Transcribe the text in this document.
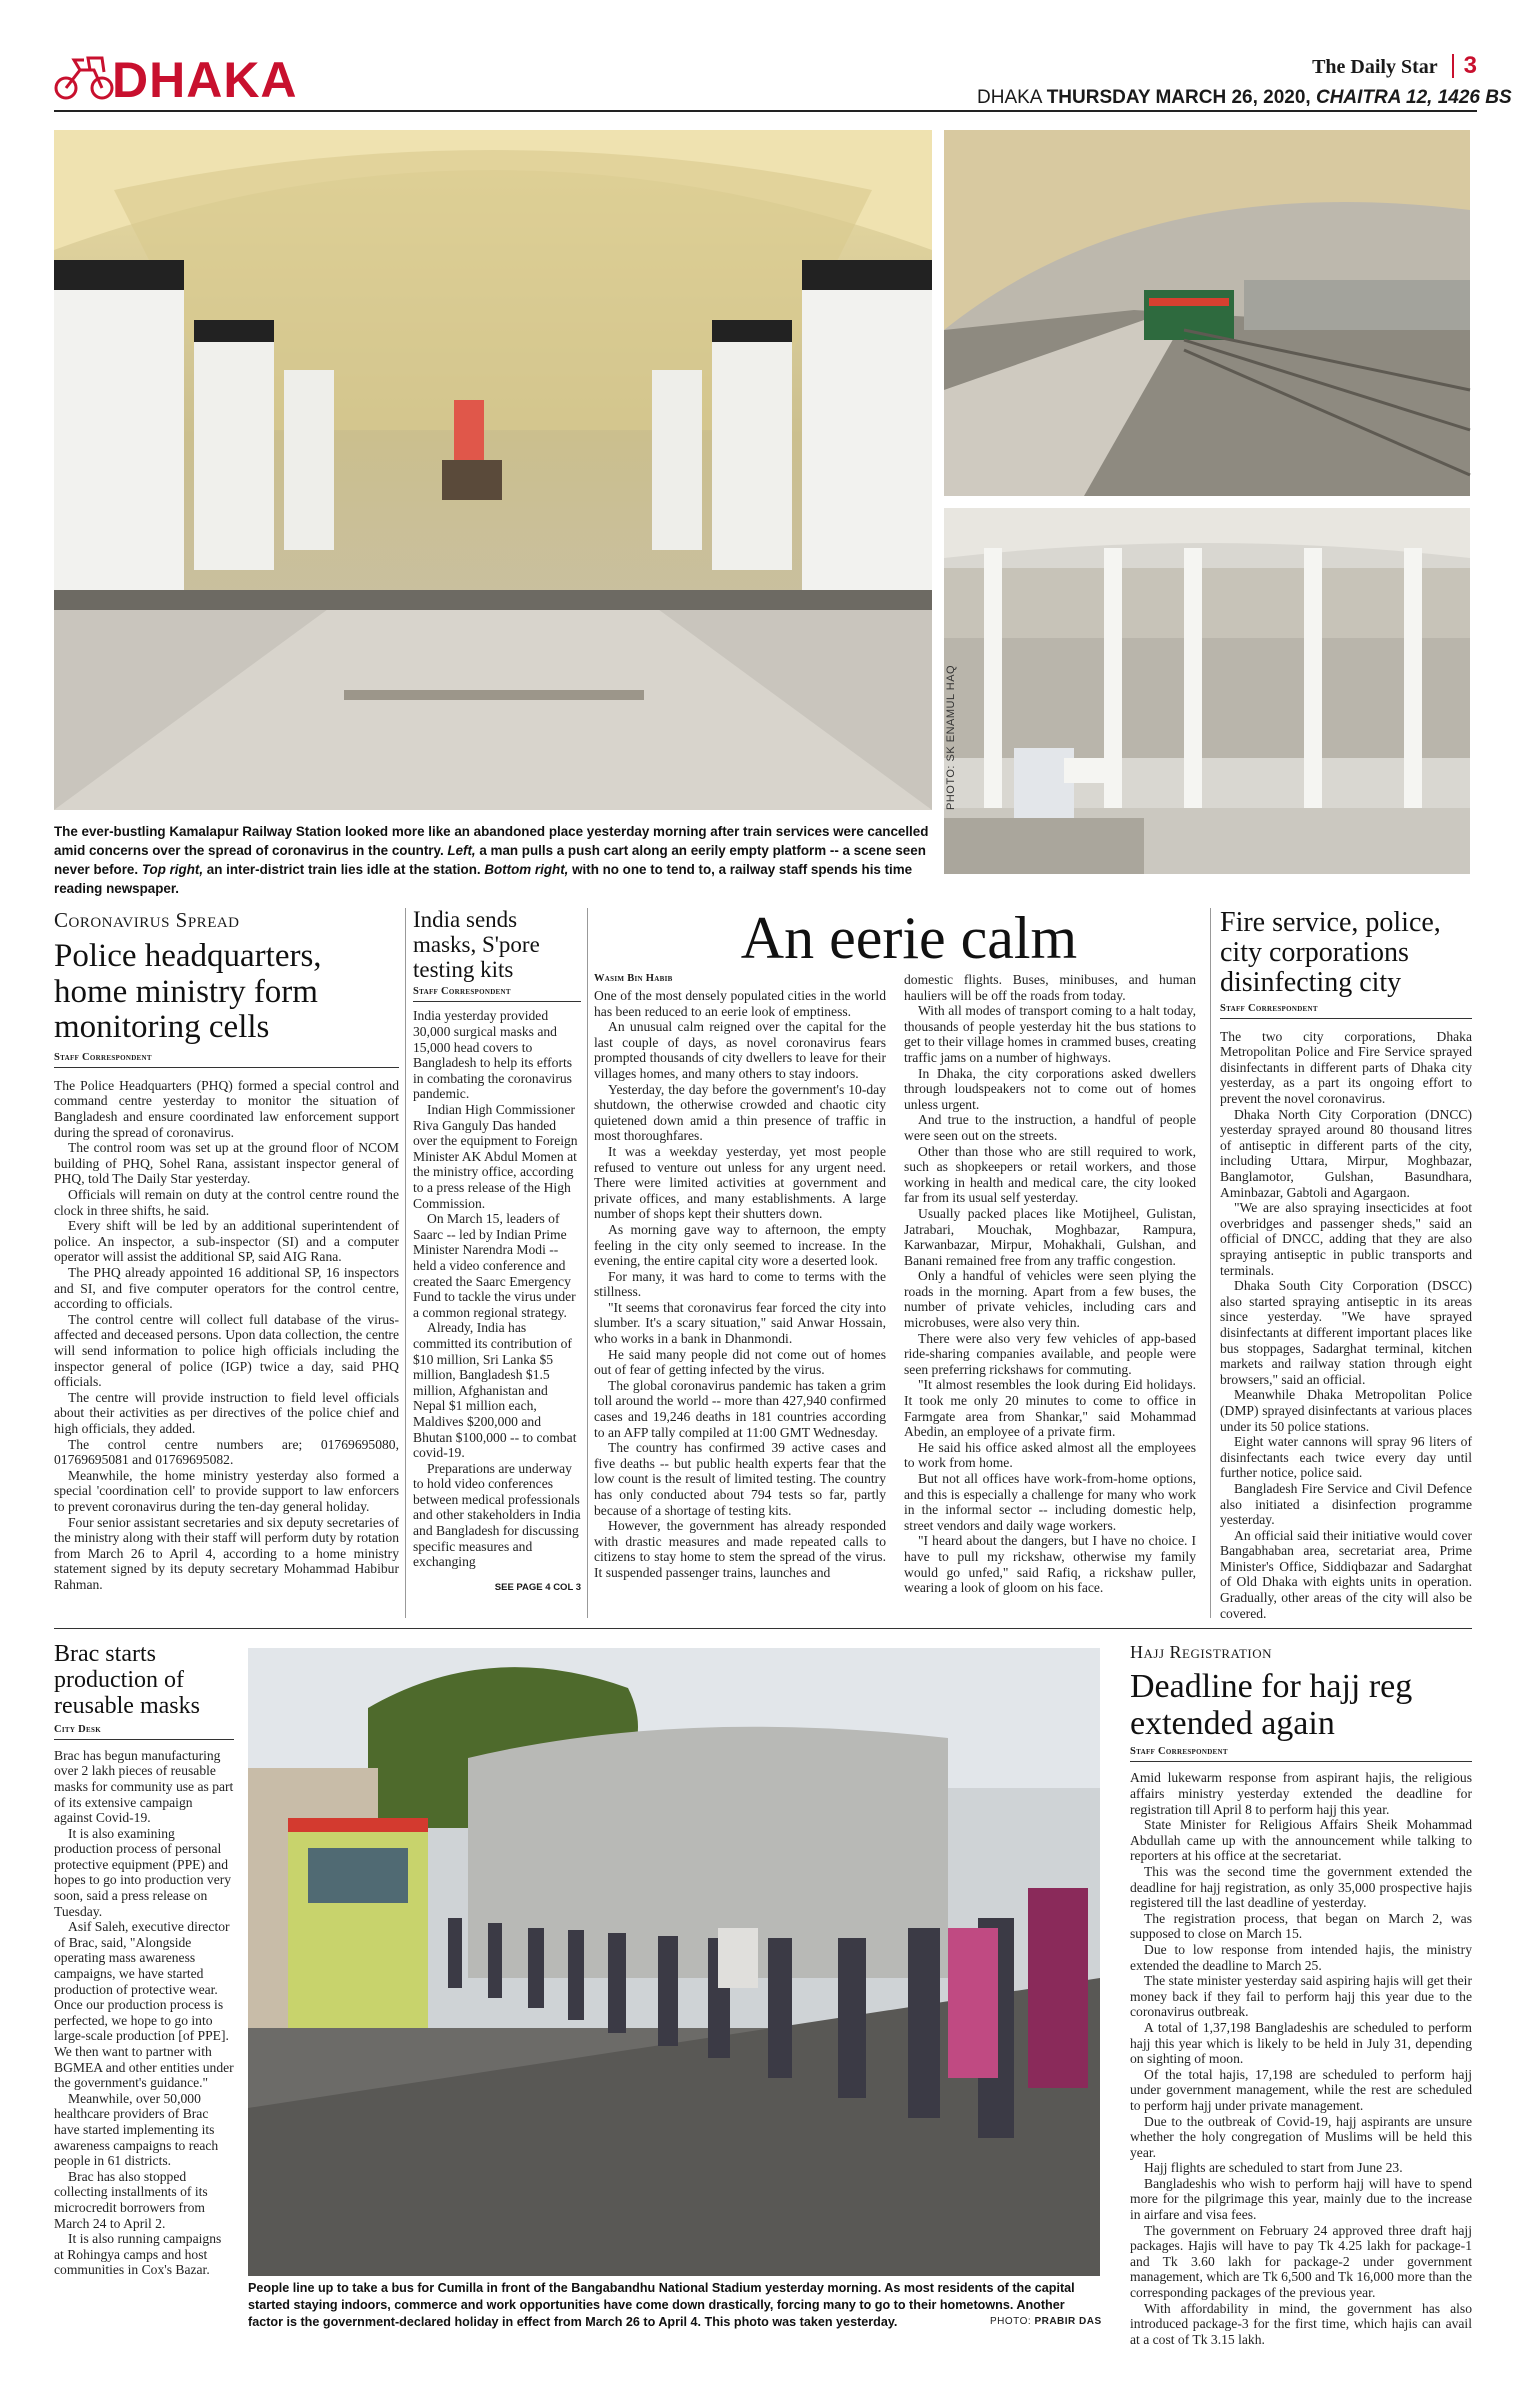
DHAKA	The Daily Star 3
DHAKA THURSDAY MARCH 26, 2020, CHAITRA 12, 1426 BS
PHOTO: SK ENAMUL HAQ
The ever-bustling Kamalapur Railway Station looked more like an abandoned place yesterday morning after train services were cancelled amid concerns over the spread of coronavirus in the country. Left, a man pulls a push cart along an eerily empty platform -- a scene seen never before. Top right, an inter-district train lies idle at the station. Bottom right, with no one to tend to, a railway staff spends his time reading newspaper.
Coronavirus Spread
Police headquarters, home ministry form monitoring cells
Staff Correspondent

The Police Headquarters (PHQ) formed a special control and command centre yesterday to monitor the situation of Bangladesh and ensure coordinated law enforcement support during the spread of coronavirus.

The control room was set up at the ground floor of NCOM building of PHQ, Sohel Rana, assistant inspector general of PHQ, told The Daily Star yesterday.

Officials will remain on duty at the control centre round the clock in three shifts, he said.

Every shift will be led by an additional superintendent of police. An inspector, a sub-inspector (SI) and a computer operator will assist the additional SP, said AIG Rana.

The PHQ already appointed 16 additional SP, 16 inspectors and SI, and five computer operators for the control centre, according to officials.

The control centre will collect full database of the virus-affected and deceased persons. Upon data collection, the centre will send information to police high officials including the inspector general of police (IGP) twice a day, said PHQ officials.

The centre will provide instruction to field level officials about their activities as per directives of the police chief and high officials, they added.

The control centre numbers are; 01769695080, 01769695081 and 01769695082.

Meanwhile, the home ministry yesterday also formed a special 'coordination cell' to provide support to law enforcers to prevent coronavirus during the ten-day general holiday.

Four senior assistant secretaries and six deputy secretaries of the ministry along with their staff will perform duty by rotation from March 26 to April 4, according to a home ministry statement signed by its deputy secretary Mohammad Habibur Rahman.

India sends masks, S'pore testing kits
Staff Correspondent

India yesterday provided 30,000 surgical masks and 15,000 head covers to Bangladesh to help its efforts in combating the coronavirus pandemic.

Indian High Commissioner Riva Ganguly Das handed over the equipment to Foreign Minister AK Abdul Momen at the ministry office, according to a press release of the High Commission.

On March 15, leaders of Saarc -- led by Indian Prime Minister Narendra Modi -- held a video conference and created the Saarc Emergency Fund to tackle the virus under a common regional strategy.

Already, India has committed its contribution of $10 million, Sri Lanka $5 million, Bangladesh $1.5 million, Afghanistan and Nepal $1 million each, Maldives $200,000 and Bhutan $100,000 -- to combat covid-19.

Preparations are underway to hold video conferences between medical professionals and other stakeholders in India and Bangladesh for discussing specific measures and exchanging

SEE PAGE 4 COL 3
An eerie calm
Wasim Bin Habib

One of the most densely populated cities in the world has been reduced to an eerie look of emptiness.

An unusual calm reigned over the capital for the last couple of days, as novel coronavirus fears prompted thousands of city dwellers to leave for their villages homes, and many others to stay indoors.

Yesterday, the day before the government's 10-day shutdown, the otherwise crowded and chaotic city quietened down amid a thin presence of traffic in most thoroughfares.

It was a weekday yesterday, yet most people refused to venture out unless for any urgent need. There were limited activities at government and private offices, and many establishments. A large number of shops kept their shutters down.

As morning gave way to afternoon, the empty feeling in the city only seemed to increase. In the evening, the entire capital city wore a deserted look.

For many, it was hard to come to terms with the stillness.

"It seems that coronavirus fear forced the city into slumber. It's a scary situation," said Anwar Hossain, who works in a bank in Dhanmondi.

He said many people did not come out of homes out of fear of getting infected by the virus.

The global coronavirus pandemic has taken a grim toll around the world -- more than 427,940 confirmed cases and 19,246 deaths in 181 countries according to an AFP tally compiled at 11:00 GMT Wednesday.

The country has confirmed 39 active cases and five deaths -- but public health experts fear that the low count is the result of limited testing. The country has only conducted about 794 tests so far, partly because of a shortage of testing kits.

However, the government has already responded with drastic measures and made repeated calls to citizens to stay home to stem the spread of the virus. It suspended passenger trains, launches and

domestic flights. Buses, minibuses, and human hauliers will be off the roads from today.

With all modes of transport coming to a halt today, thousands of people yesterday hit the bus stations to get to their village homes in crammed buses, creating traffic jams on a number of highways.

In Dhaka, the city corporations asked dwellers through loudspeakers not to come out of homes unless urgent.

And true to the instruction, a handful of people were seen out on the streets.

Other than those who are still required to work, such as shopkeepers or retail workers, and those working in health and medical care, the city looked far from its usual self yesterday.

Usually packed places like Motijheel, Gulistan, Jatrabari, Mouchak, Moghbazar, Rampura, Karwanbazar, Mirpur, Mohakhali, Gulshan, and Banani remained free from any traffic congestion.

Only a handful of vehicles were seen plying the roads in the morning. Apart from a few buses, the number of private vehicles, including cars and microbuses, were also very thin.

There were also very few vehicles of app-based ride-sharing companies available, and people were seen preferring rickshaws for commuting.

"It almost resembles the look during Eid holidays. It took me only 20 minutes to come to office in Farmgate area from Shankar," said Mohammad Abedin, an employee of a private firm.

He said his office asked almost all the employees to work from home.

But not all offices have work-from-home options, and this is especially a challenge for many who work in the informal sector -- including domestic help, street vendors and daily wage workers.

"I heard about the dangers, but I have no choice. I have to pull my rickshaw, otherwise my family would go unfed," said Rafiq, a rickshaw puller, wearing a look of gloom on his face.

Fire service, police, city corporations disinfecting city
Staff Correspondent

The two city corporations, Dhaka Metropolitan Police and Fire Service sprayed disinfectants in different parts of Dhaka city yesterday, as a part its ongoing effort to prevent the novel coronavirus.

Dhaka North City Corporation (DNCC) yesterday sprayed around 80 thousand litres of antiseptic in different parts of the city, including Uttara, Mirpur, Moghbazar, Banglamotor, Gulshan, Basundhara, Aminbazar, Gabtoli and Agargaon.

"We are also spraying insecticides at foot overbridges and passenger sheds," said an official of DNCC, adding that they are also spraying antiseptic in public transports and terminals.

Dhaka South City Corporation (DSCC) also started spraying antiseptic in its areas since yesterday. "We have sprayed disinfectants at different important places like bus stoppages, Sadarghat terminal, kitchen markets and railway station through eight browsers," said an official.

Meanwhile Dhaka Metropolitan Police (DMP) sprayed disinfectants at various places under its 50 police stations.

Eight water cannons will spray 96 liters of disinfectants each twice every day until further notice, police said.

Bangladesh Fire Service and Civil Defence also initiated a disinfection programme yesterday.

An official said their initiative would cover Bangabhaban area, secretariat area, Prime Minister's Office, Siddiqbazar and Sadarghat of Old Dhaka with eights units in operation. Gradually, other areas of the city will also be covered.

Brac starts production of reusable masks
City Desk

Brac has begun manufacturing over 2 lakh pieces of reusable masks for community use as part of its extensive campaign against Covid-19.

It is also examining production process of personal protective equipment (PPE) and hopes to go into production very soon, said a press release on Tuesday.

Asif Saleh, executive director of Brac, said, "Alongside operating mass awareness campaigns, we have started production of protective wear. Once our production process is perfected, we hope to go into large-scale production [of PPE]. We then want to partner with BGMEA and other entities under the government's guidance."

Meanwhile, over 50,000 healthcare providers of Brac have started implementing its awareness campaigns to reach people in 61 districts.

Brac has also stopped collecting installments of its microcredit borrowers from March 24 to April 2.

It is also running campaigns at Rohingya camps and host communities in Cox's Bazar.

People line up to take a bus for Cumilla in front of the Bangabandhu National Stadium yesterday morning. As most residents of the capital started staying indoors, commerce and work opportunities have come down drastically, forcing many to go to their hometowns. Another factor is the government-declared holiday in effect from March 26 to April 4. This photo was taken yesterday.	PHOTO: PRABIR DAS
Hajj Registration
Deadline for hajj reg extended again
Staff Correspondent

Amid lukewarm response from aspirant hajis, the religious affairs ministry yesterday extended the deadline for registration till April 8 to perform hajj this year.

State Minister for Religious Affairs Sheik Mohammad Abdullah came up with the announcement while talking to reporters at his office at the secretariat.

This was the second time the government extended the deadline for hajj registration, as only 35,000 prospective hajis registered till the last deadline of yesterday.

The registration process, that began on March 2, was supposed to close on March 15.

Due to low response from intended hajis, the ministry extended the deadline to March 25.

The state minister yesterday said aspiring hajis will get their money back if they fail to perform hajj this year due to the coronavirus outbreak.

A total of 1,37,198 Bangladeshis are scheduled to perform hajj this year which is likely to be held in July 31, depending on sighting of moon.

Of the total hajis, 17,198 are scheduled to perform hajj under government management, while the rest are scheduled to perform hajj under private management.

Due to the outbreak of Covid-19, hajj aspirants are unsure whether the holy congregation of Muslims will be held this year.

Hajj flights are scheduled to start from June 23.

Bangladeshis who wish to perform hajj will have to spend more for the pilgrimage this year, mainly due to the increase in airfare and visa fees.

The government on February 24 approved three draft hajj packages. Hajis will have to pay Tk 4.25 lakh for package-1 and Tk 3.60 lakh for package-2 under government management, which are Tk 6,500 and Tk 16,000 more than the corresponding packages of the previous year.

With affordability in mind, the government has also introduced package-3 for the first time, which hajis can avail at a cost of Tk 3.15 lakh.
